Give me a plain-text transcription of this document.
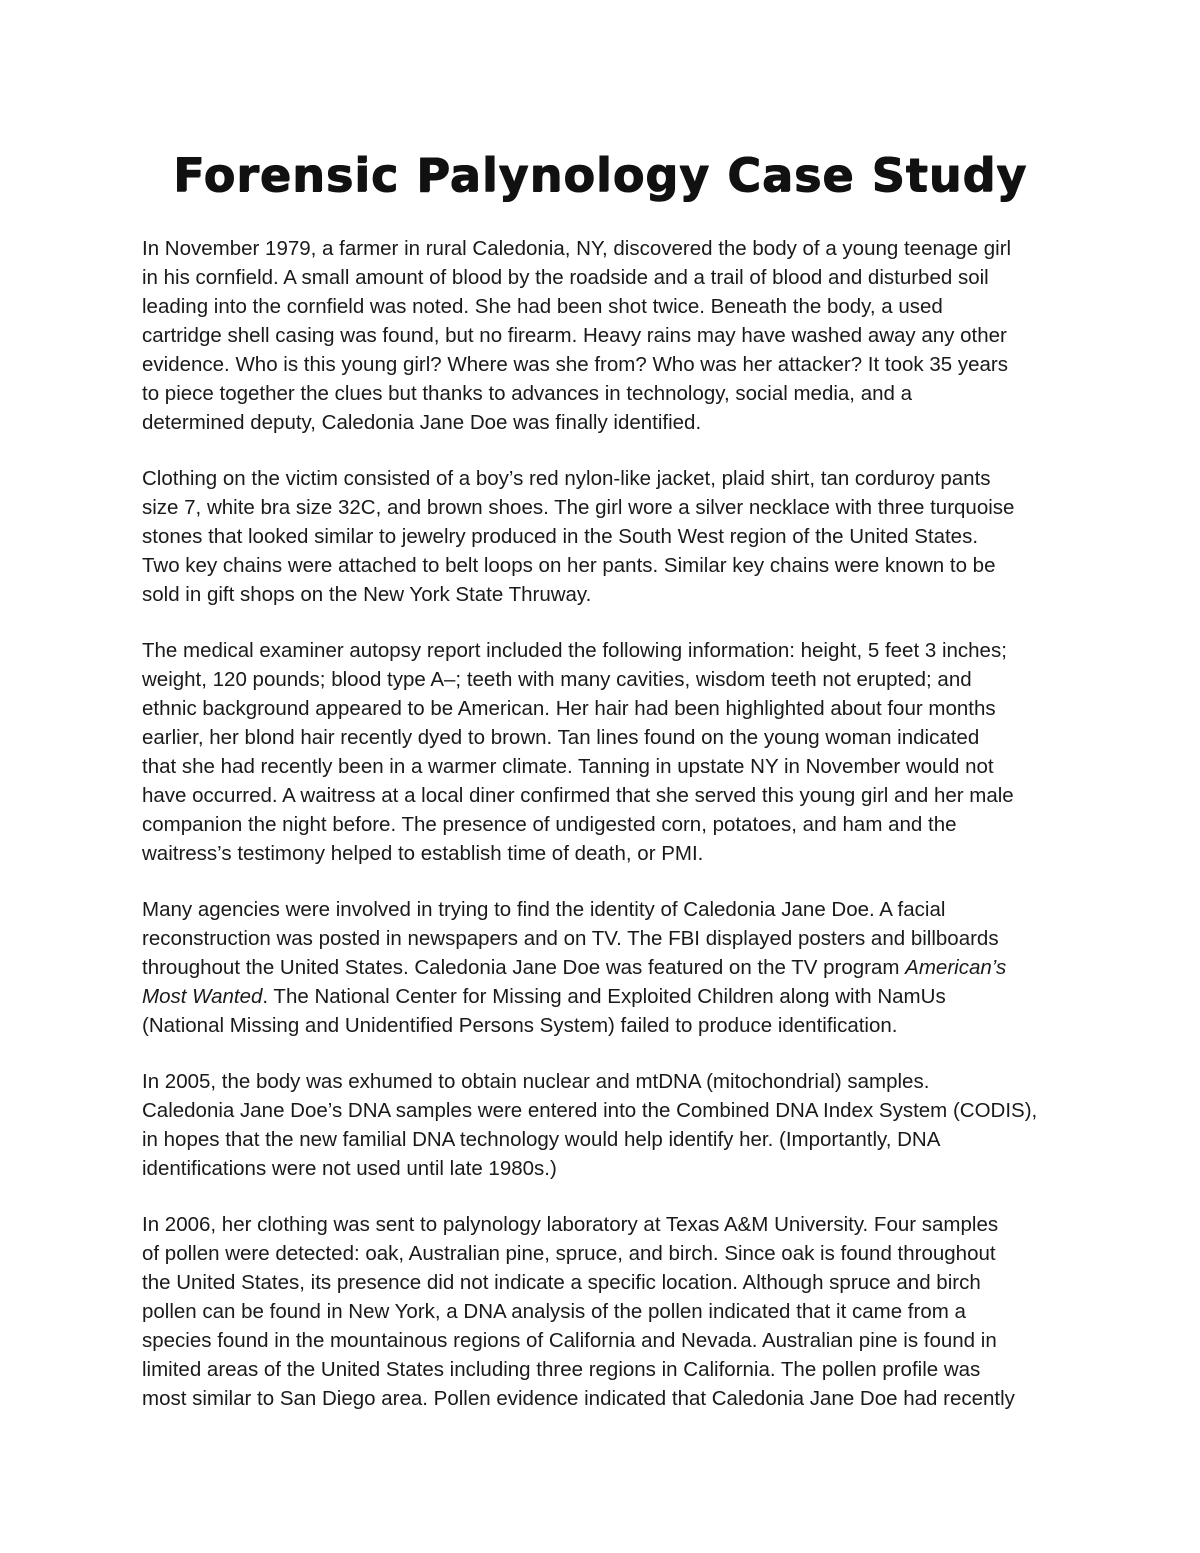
Forensic Palynology Case Study

In November 1979, a farmer in rural Caledonia, NY, discovered the body of a young teenage girl
in his cornfield. A small amount of blood by the roadside and a trail of blood and disturbed soil
leading into the cornfield was noted. She had been shot twice. Beneath the body, a used
cartridge shell casing was found, but no firearm. Heavy rains may have washed away any other
evidence. Who is this young girl? Where was she from? Who was her attacker? It took 35 years
to piece together the clues but thanks to advances in technology, social media, and a
determined deputy, Caledonia Jane Doe was finally identified.

Clothing on the victim consisted of a boy’s red nylon-like jacket, plaid shirt, tan corduroy pants
size 7, white bra size 32C, and brown shoes. The girl wore a silver necklace with three turquoise
stones that looked similar to jewelry produced in the South West region of the United States.
Two key chains were attached to belt loops on her pants. Similar key chains were known to be
sold in gift shops on the New York State Thruway.

The medical examiner autopsy report included the following information: height, 5 feet 3 inches;
weight, 120 pounds; blood type A–; teeth with many cavities, wisdom teeth not erupted; and
ethnic background appeared to be American. Her hair had been highlighted about four months
earlier, her blond hair recently dyed to brown. Tan lines found on the young woman indicated
that she had recently been in a warmer climate. Tanning in upstate NY in November would not
have occurred. A waitress at a local diner confirmed that she served this young girl and her male
companion the night before. The presence of undigested corn, potatoes, and ham and the
waitress’s testimony helped to establish time of death, or PMI.

Many agencies were involved in trying to find the identity of Caledonia Jane Doe. A facial
reconstruction was posted in newspapers and on TV. The FBI displayed posters and billboards
throughout the United States. Caledonia Jane Doe was featured on the TV program American’s
Most Wanted. The National Center for Missing and Exploited Children along with NamUs
(National Missing and Unidentified Persons System) failed to produce identification.

In 2005, the body was exhumed to obtain nuclear and mtDNA (mitochondrial) samples.
Caledonia Jane Doe’s DNA samples were entered into the Combined DNA Index System (CODIS),
in hopes that the new familial DNA technology would help identify her. (Importantly, DNA
identifications were not used until late 1980s.)

In 2006, her clothing was sent to palynology laboratory at Texas A&M University. Four samples
of pollen were detected: oak, Australian pine, spruce, and birch. Since oak is found throughout
the United States, its presence did not indicate a specific location. Although spruce and birch
pollen can be found in New York, a DNA analysis of the pollen indicated that it came from a
species found in the mountainous regions of California and Nevada. Australian pine is found in
limited areas of the United States including three regions in California. The pollen profile was
most similar to San Diego area. Pollen evidence indicated that Caledonia Jane Doe had recently
